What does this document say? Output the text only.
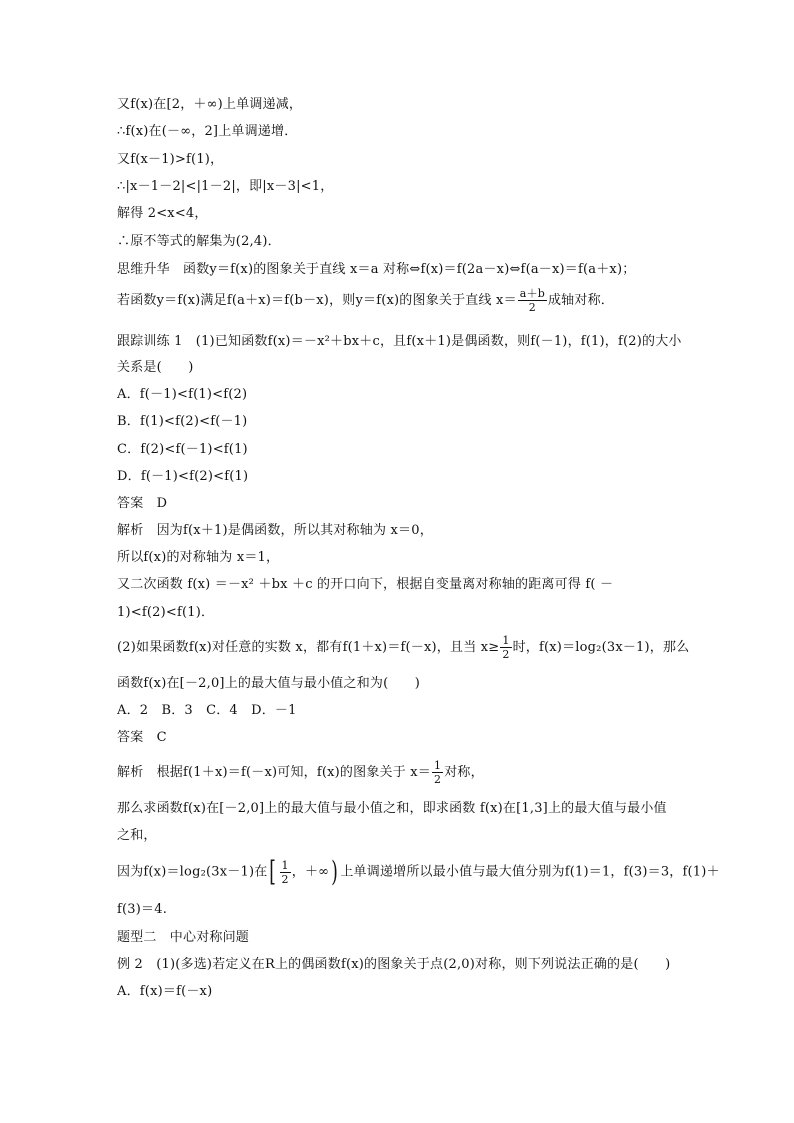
又f(x)在[2，＋∞)上单调递减，
∴f(x)在(－∞，2]上单调递增．
又f(x－1)>f(1)，
∴|x－1－2|<|1－2|，即|x－3|<1，
解得 2<x<4，
∴原不等式的解集为(2,4)．
思维升华　函数y＝f(x)的图象关于直线 x＝a 对称⇔f(x)＝f(2a－x)⇔f(a－x)＝f(a＋x)；
若函数y＝f(x)满足f(a＋x)＝f(b－x)，则y＝f(x)的图象关于直线 $x= \frac{a+b}{2}$ 成轴对称．
跟踪训练 1　(1)已知函数f(x)＝－x²＋bx＋c，且f(x＋1)是偶函数，则f(－1)，f(1)，f(2)的大小
关系是(　　)
A．f(－1)<f(1)<f(2)
B．f(1)<f(2)<f(－1)
C．f(2)<f(－1)<f(1)
D．f(－1)<f(2)<f(1)
答案　D
解析　因为f(x＋1)是偶函数，所以其对称轴为 x＝0，
所以f(x)的对称轴为 x＝1，
又二次函数 f(x) ＝－x² ＋bx ＋c 的开口向下，根据自变量离对称轴的距离可得 f( －
1)<f(2)<f(1)．
(2)如果函数f(x)对任意的实数 x，都有f(1＋x)＝f(－x)，且当 $x\ge \frac{1}{2}$ 时，f(x)＝log₂(3x－1)，那么
函数f(x)在[－2,0]上的最大值与最小值之和为(　　)
A．2　B．3　C．4　D．－1
答案　C
解析　根据f(1＋x)＝f(－x)可知，f(x)的图象关于 $x= \frac{1}{2}$ 对称，
那么求函数f(x)在[－2,0]上的最大值与最小值之和，即求函数 f(x)在[1,3]上的最大值与最小值
之和，
因为f(x)＝log₂(3x－1)在[ $\frac{1}{2}$ ，＋∞) 上单调递增所以最小值与最大值分别为f(1)＝1，f(3)＝3，f(1)＋
f(3)＝4.
题型二　中心对称问题
例 2　(1)(多选)若定义在R上的偶函数f(x)的图象关于点(2,0)对称，则下列说法正确的是(　　)
A．f(x)＝f(－x)
